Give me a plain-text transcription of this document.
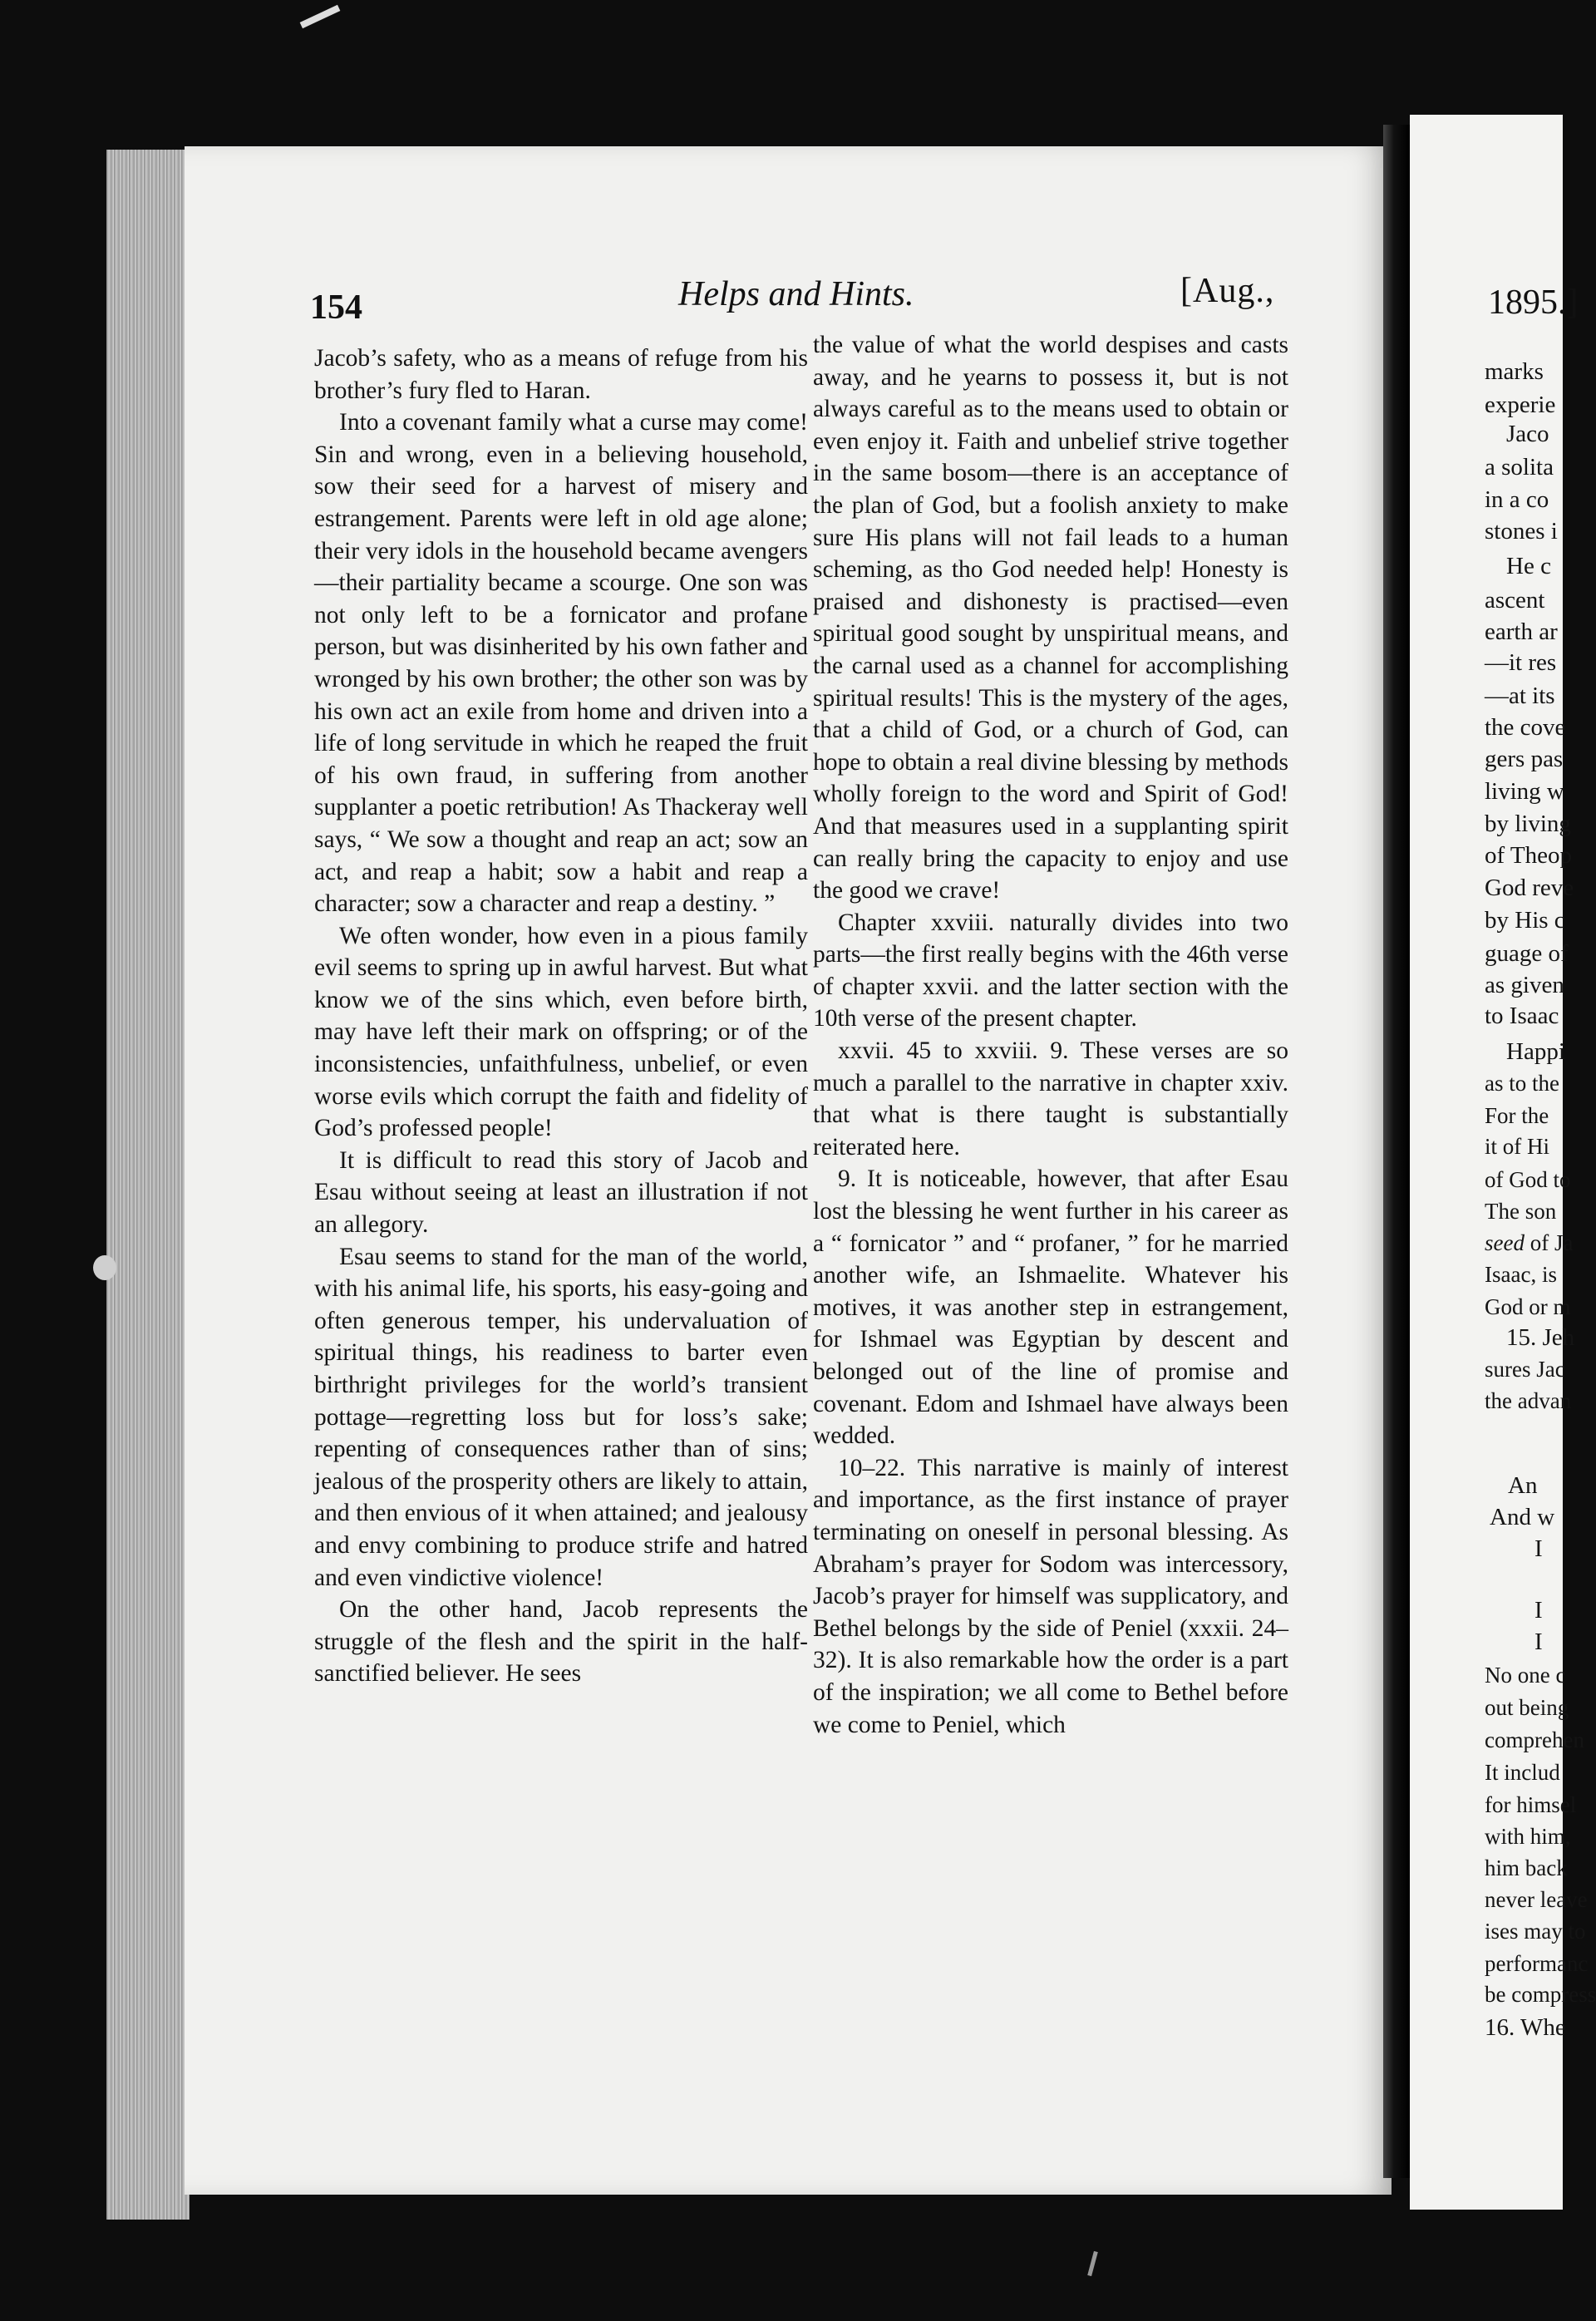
154	Helps and Hints.	[Aug.,

Jacob’s safety, who as a means of refuge from his brother’s fury fled to Haran.

Into a covenant family what a curse may come! Sin and wrong, even in a believing household, sow their seed for a harvest of misery and estrangement. Parents were left in old age alone; their very idols in the household became avengers—their partiality became a scourge. One son was not only left to be a fornicator and profane person, but was disinherited by his own father and wronged by his own brother; the other son was by his own act an exile from home and driven into a life of long servitude in which he reaped the fruit of his own fraud, in suffering from another supplanter a poetic retribution! As Thackeray well says, “ We sow a thought and reap an act; sow an act, and reap a habit; sow a habit and reap a character; sow a character and reap a destiny. ”

We often wonder, how even in a pious family evil seems to spring up in awful harvest. But what know we of the sins which, even before birth, may have left their mark on offspring; or of the inconsistencies, unfaithfulness, unbelief, or even worse evils which corrupt the faith and fidelity of God’s professed people!

It is difficult to read this story of Jacob and Esau without seeing at least an illustration if not an allegory.

Esau seems to stand for the man of the world, with his animal life, his sports, his easy-going and often generous temper, his undervaluation of spiritual things, his readiness to barter even birthright privileges for the world’s transient pottage—regretting loss but for loss’s sake; repenting of consequences rather than of sins; jealous of the prosperity others are likely to attain, and then envious of it when attained; and jealousy and envy combining to produce strife and hatred and even vindictive violence!

On the other hand, Jacob represents the struggle of the flesh and the spirit in the half-sanctified believer. He sees

the value of what the world despises and casts away, and he yearns to possess it, but is not always careful as to the means used to obtain or even enjoy it. Faith and unbelief strive together in the same bosom—there is an acceptance of the plan of God, but a foolish anxiety to make sure His plans will not fail leads to a human scheming, as tho God needed help! Honesty is praised and dishonesty is practised—even spiritual good sought by unspiritual means, and the carnal used as a channel for accomplishing spiritual results! This is the mystery of the ages, that a child of God, or a church of God, can hope to obtain a real divine blessing by methods wholly foreign to the word and Spirit of God! And that measures used in a supplanting spirit can really bring the capacity to enjoy and use the good we crave!

Chapter xxviii. naturally divides into two parts—the first really begins with the 46th verse of chapter xxvii. and the latter section with the 10th verse of the present chapter.

xxvii. 45 to xxviii. 9. These verses are so much a parallel to the narrative in chapter xxiv. that what is there taught is substantially reiterated here.

9. It is noticeable, however, that after Esau lost the blessing he went further in his career as a “ fornicator ” and “ profaner, ” for he married another wife, an Ishmaelite. Whatever his motives, it was another step in estrangement, for Ishmael was Egyptian by descent and belonged out of the line of promise and covenant. Edom and Ishmael have always been wedded.

10–22. This narrative is mainly of interest and importance, as the first instance of prayer terminating on oneself in personal blessing. As Abraham’s prayer for Sodom was intercessory, Jacob’s prayer for himself was supplicatory, and Bethel belongs by the side of Peniel (xxxii. 24–32). It is also remarkable how the order is a part of the inspiration; we all come to Bethel before we come to Peniel, which

marks
experie
Jaco
a solita
in a co
stones i
He c
ascent
earth ar
—it res
—at its
the cove
gers pas
living w
by living
of Theop
God reve
by His c
guage of
as given
to Isaac
Happi
as to the
For the
it of Hi
of God to
The son
seed of Ja
Isaac, is
God or m
15. Jeh
sures Jac
the advan
An
And w
I
I
I
No one c
out being
comprehen
It includ
for himsel
with him,
him back
never leave
ises may to
performanc
be compress
16. Whe
1895.]
